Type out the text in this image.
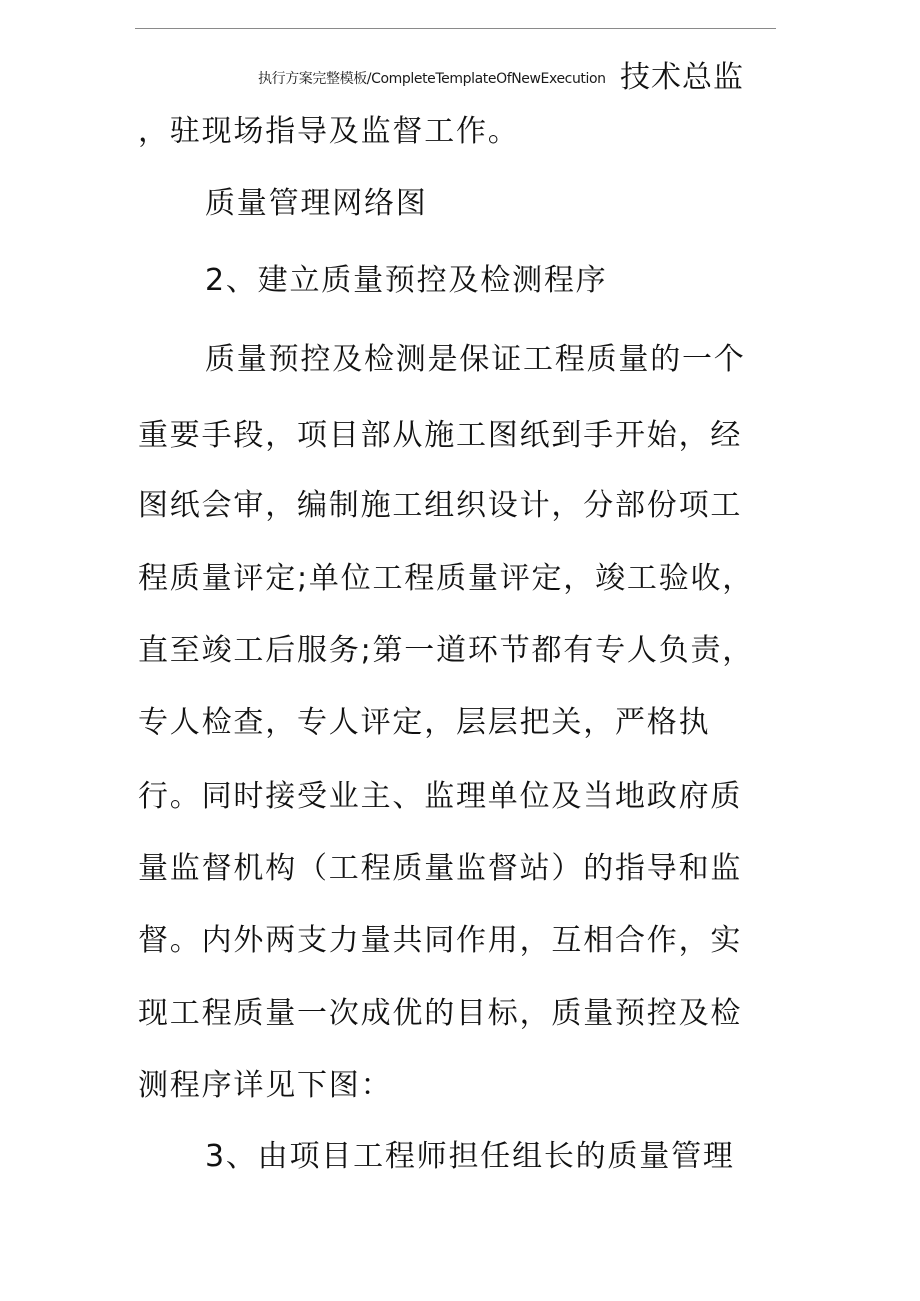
执行方案完整模板/CompleteTemplateOfNewExecution 技术总监
，驻现场指导及监督工作。
质量管理网络图
2、建立质量预控及检测程序
质量预控及检测是保证工程质量的一个
重要手段，项目部从施工图纸到手开始，经
图纸会审，编制施工组织设计，分部份项工
程质量评定;单位工程质量评定，竣工验收，
直至竣工后服务;第一道环节都有专人负责，
专人检查，专人评定，层层把关，严格执
行。同时接受业主、监理单位及当地政府质
量监督机构（工程质量监督站）的指导和监
督。内外两支力量共同作用，互相合作，实
现工程质量一次成优的目标，质量预控及检
测程序详见下图：
3、由项目工程师担任组长的质量管理
